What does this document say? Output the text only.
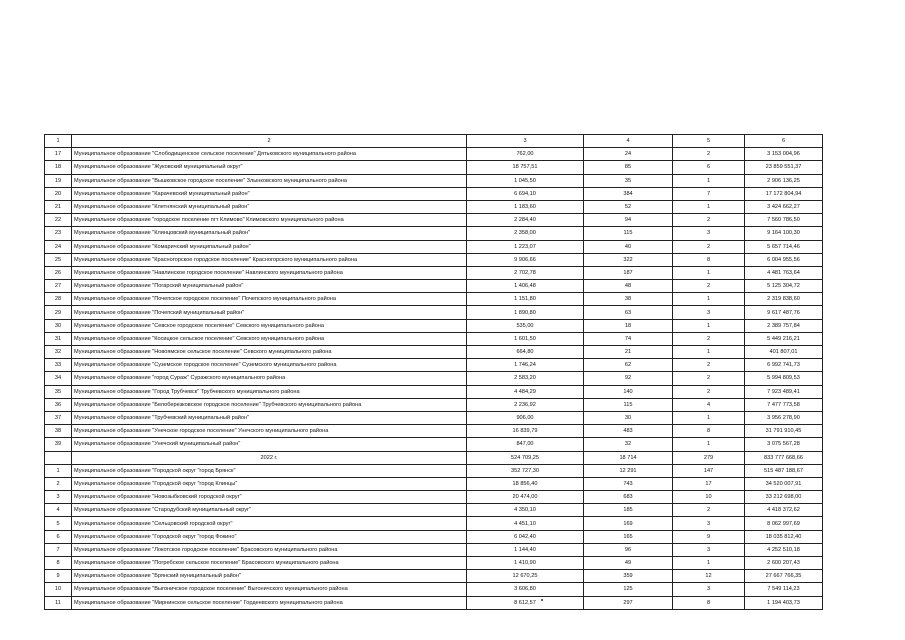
1	2	3	4	5	6
17	Муниципальное образование "Слободищенское сельское поселение" Дятьковского муниципального района	762,00	24	2	3 153 004,96
18	Муниципальное образование "Жуковский муниципальный округ"	18 757,51	85	6	23 859 551,37
19	Муниципальное образование "Вышковское городское поселение" Злынковского муниципального района	1 045,50	35	1	2 906 136,25
20	Муниципальное образование "Карачевский муниципальный район"	6 694,10	384	7	17 172 804,94
21	Муниципальное образование "Клетнянский муниципальный район"	1 183,60	52	1	3 424 662,27
22	Муниципальное образование "городское поселение пгт Климово" Климовского муниципального района	2 284,40	94	2	7 560 786,50
23	Муниципальное образование "Клинцовский муниципальный район"	2 358,00	115	3	9 164 100,30
24	Муниципальное образование "Комаричский муниципальный район"	1 223,07	40	2	5 657 714,46
25	Муниципальное образование "Красногорское городское поселение" Красногорского муниципального района	9 906,66	322	8	6 004 955,56
26	Муниципальное образование "Навлинское городское поселение" Навлинского муниципального района	2 702,78	187	1	4 481 763,64
27	Муниципальное образование "Погарский муниципальный район"	1 406,48	48	2	5 125 304,72
28	Муниципальное образование "Почепское городское поселение" Почепского муниципального района	1 151,80	38	1	2 319 838,60
29	Муниципальное образование "Почепский муниципальный район"	1 890,80	63	3	9 617 487,76
30	Муниципальное образование "Севское городское поселение" Севского муниципального района	535,00	18	1	2 389 757,84
31	Муниципальное образование "Косицкое сельское поселение" Севского муниципального района	1 601,50	74	2	5 449 216,21
32	Муниципальное образование "Новоямское сельское поселение" Севского муниципального района	664,80	21	1	401 807,01
33	Муниципальное образование "Суземское городское поселение" Суземского муниципального района	1 746,24	62	2	6 992 741,73
34	Муниципальное образование "город Сураж" Суражского муниципального района	2 583,20	92	2	5 994 809,53
35	Муниципальное образование "Город Трубчевск" Трубчевского муниципального района	4 484,29	140	2	7 923 489,41
36	Муниципальное образование "Белоберезковское городское поселение" Трубчевского муниципального района	2 236,92	115	4	7 477 773,58
37	Муниципальное образование "Трубчевский муниципальный район"	906,00	30	1	3 956 278,90
38	Муниципальное образование "Унечское городское поселение" Унечского муниципального района	16 839,79	483	8	31 791 910,45
39	Муниципальное образование "Унечский муниципальный район"	847,00	32	1	3 075 567,28
	2022 г.	524 709,25	18 714	279	833 777 668,66
1	Муниципальное образование "Городской округ "город Брянск"	352 727,30	12 291	147	515 487 188,67
2	Муниципальное образование "Городской округ "город Клинцы"	18 856,40	743	17	34 520 007,91
3	Муниципальное образование "Новозыбковский городской округ"	20 474,00	683	10	33 212 698,00
4	Муниципальное образование "Стародубский муниципальный округ"	4 350,10	185	2	4 418 372,62
5	Муниципальное образование "Сельцовский городской округ"	4 451,10	169	3	8 062 997,69
6	Муниципальное образование "Городской округ "город Фокино"	6 042,40	165	9	18 035 812,40
7	Муниципальное образование "Локотское городское поселение" Брасовского муниципального района	1 144,40	96	3	4 252 510,18
8	Муниципальное образование "Погребское сельское поселение" Брасовского муниципального района	1 410,90	49	1	2 600 207,43
9	Муниципальное образование "Брянский муниципальный район"	12 670,25	359	12	27 667 766,35
10	Муниципальное образование "Выгоничское городское поселение" Выгоничского муниципального района	3 606,80	125	3	7 549 114,23
11	Муниципальное образование "Мирнинское сельское поселение" Гордеевского муниципального района	8 612,57	297	8	1 194 403,73
